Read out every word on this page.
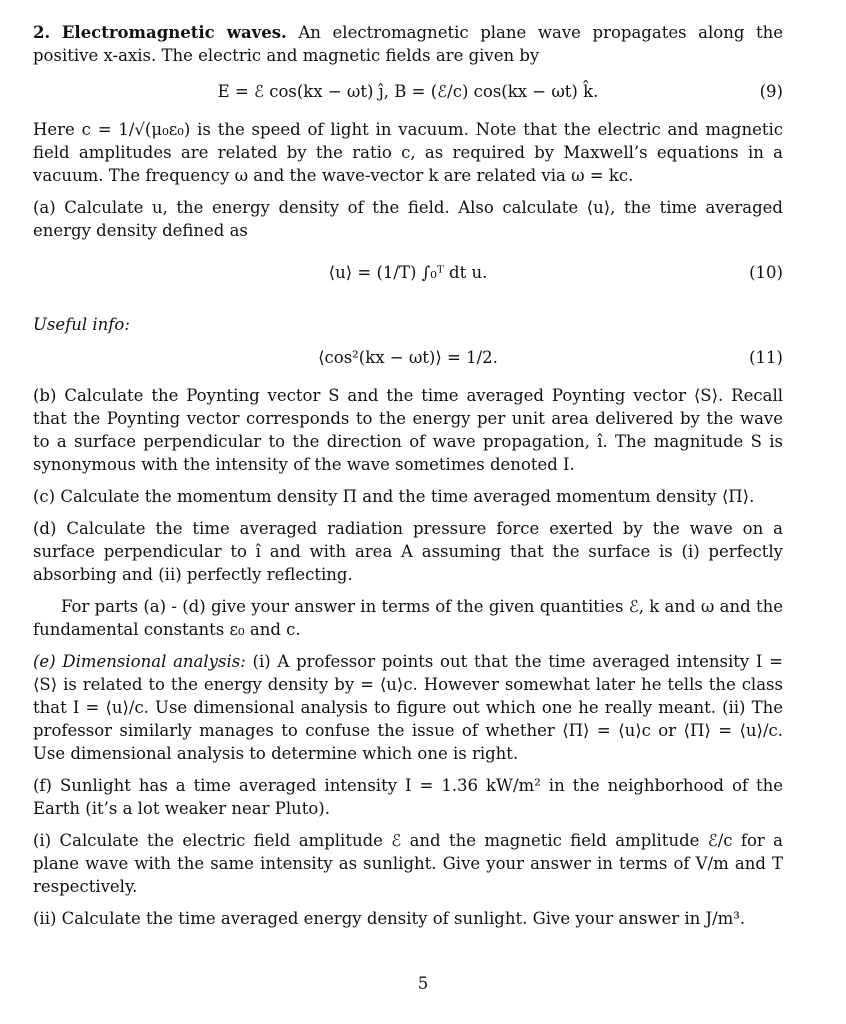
2. Electromagnetic waves. An electromagnetic plane wave propagates along the positive x-axis. The electric and magnetic fields are given by

E = ℰ cos(kx − ωt) ĵ, B = (ℰ/c) cos(kx − ωt) k̂.	(9)

Here c = 1/√(μ₀ε₀) is the speed of light in vacuum. Note that the electric and magnetic field amplitudes are related by the ratio c, as required by Maxwell’s equations in a vacuum. The frequency ω and the wave-vector k are related via ω = kc.

(a) Calculate u, the energy density of the field. Also calculate ⟨u⟩, the time averaged energy density defined as

⟨u⟩ = (1/T) ∫₀ᵀ dt u.	(10)

Useful info:

⟨cos²(kx − ωt)⟩ = 1/2.	(11)

(b) Calculate the Poynting vector S and the time averaged Poynting vector ⟨S⟩. Recall that the Poynting vector corresponds to the energy per unit area delivered by the wave to a surface perpendicular to the direction of wave propagation, î. The magnitude S is synonymous with the intensity of the wave sometimes denoted I.

(c) Calculate the momentum density Π and the time averaged momentum density ⟨Π⟩.

(d) Calculate the time averaged radiation pressure force exerted by the wave on a surface perpendicular to î and with area A assuming that the surface is (i) perfectly absorbing and (ii) perfectly reflecting.

For parts (a) - (d) give your answer in terms of the given quantities ℰ, k and ω and the fundamental constants ε₀ and c.

(e) Dimensional analysis: (i) A professor points out that the time averaged intensity I = ⟨S⟩ is related to the energy density by = ⟨u⟩c. However somewhat later he tells the class that I = ⟨u⟩/c. Use dimensional analysis to figure out which one he really meant. (ii) The professor similarly manages to confuse the issue of whether ⟨Π⟩ = ⟨u⟩c or ⟨Π⟩ = ⟨u⟩/c. Use dimensional analysis to determine which one is right.

(f) Sunlight has a time averaged intensity I = 1.36 kW/m² in the neighborhood of the Earth (it’s a lot weaker near Pluto).

(i) Calculate the electric field amplitude ℰ and the magnetic field amplitude ℰ/c for a plane wave with the same intensity as sunlight. Give your answer in terms of V/m and T respectively.

(ii) Calculate the time averaged energy density of sunlight. Give your answer in J/m³.

5
